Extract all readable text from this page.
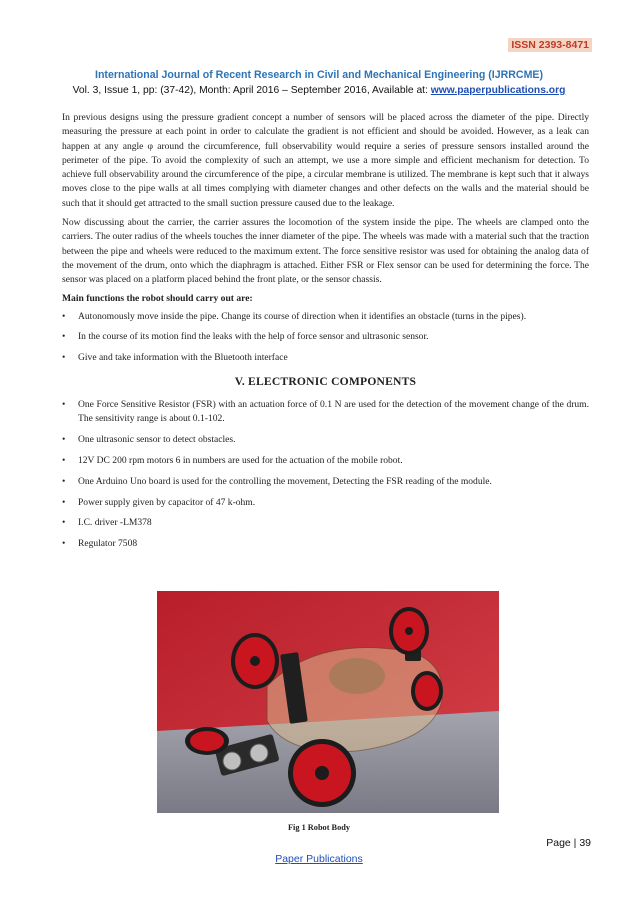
ISSN 2393-8471
International Journal of Recent Research in Civil and Mechanical Engineering (IJRRCME)
Vol. 3, Issue 1, pp: (37-42), Month: April 2016 – September 2016, Available at: www.paperpublications.org

In previous designs using the pressure gradient concept a number of sensors will be placed across the diameter of the pipe. Directly measuring the pressure at each point in order to calculate the gradient is not efficient and should be avoided. However, as a leak can happen at any angle φ around the circumference, full observability would require a series of pressure sensors installed around the perimeter of the pipe. To avoid the complexity of such an attempt, we use a more simple and efficient mechanism for detection. To achieve full observability around the circumference of the pipe, a circular membrane is utilized. The membrane is kept such that it always moves close to the pipe walls at all times complying with diameter changes and other defects on the walls and the material should be such that it should get attracted to the small suction pressure caused due to the leakage.

Now discussing about the carrier, the carrier assures the locomotion of the system inside the pipe. The wheels are clamped onto the carriers. The outer radius of the wheels touches the inner diameter of the pipe. The wheels was made with a material such that the traction between the pipe and wheels were reduced to the maximum extent. The force sensitive resistor was used for obtaining the analog data of the movement of the drum, onto which the diaphragm is attached. Either FSR or Flex sensor can be used for determining the force. The sensor was placed on a platform placed behind the front plate, or the sensor chassis.

Main functions the robot should carry out are:
•	Autonomously move inside the pipe. Change its course of direction when it identifies an obstacle (turns in the pipes).
•	In the course of its motion find the leaks with the help of force sensor and ultrasonic sensor.
•	Give and take information with the Bluetooth interface
V. ELECTRONIC COMPONENTS
•	One Force Sensitive Resistor (FSR) with an actuation force of 0.1 N are used for the detection of the movement change of the drum. The sensitivity range is about 0.1-102.
•	One ultrasonic sensor to detect obstacles.
•	12V DC 200 rpm motors 6 in numbers are used for the actuation of the mobile robot.
•	One Arduino Uno board is used for the controlling the movement, Detecting the FSR reading of the module.
•	Power supply given by capacitor of 47 k-ohm.
•	I.C. driver -LM378
•	Regulator 7508
Fig 1 Robot Body
Page | 39
Paper Publications
